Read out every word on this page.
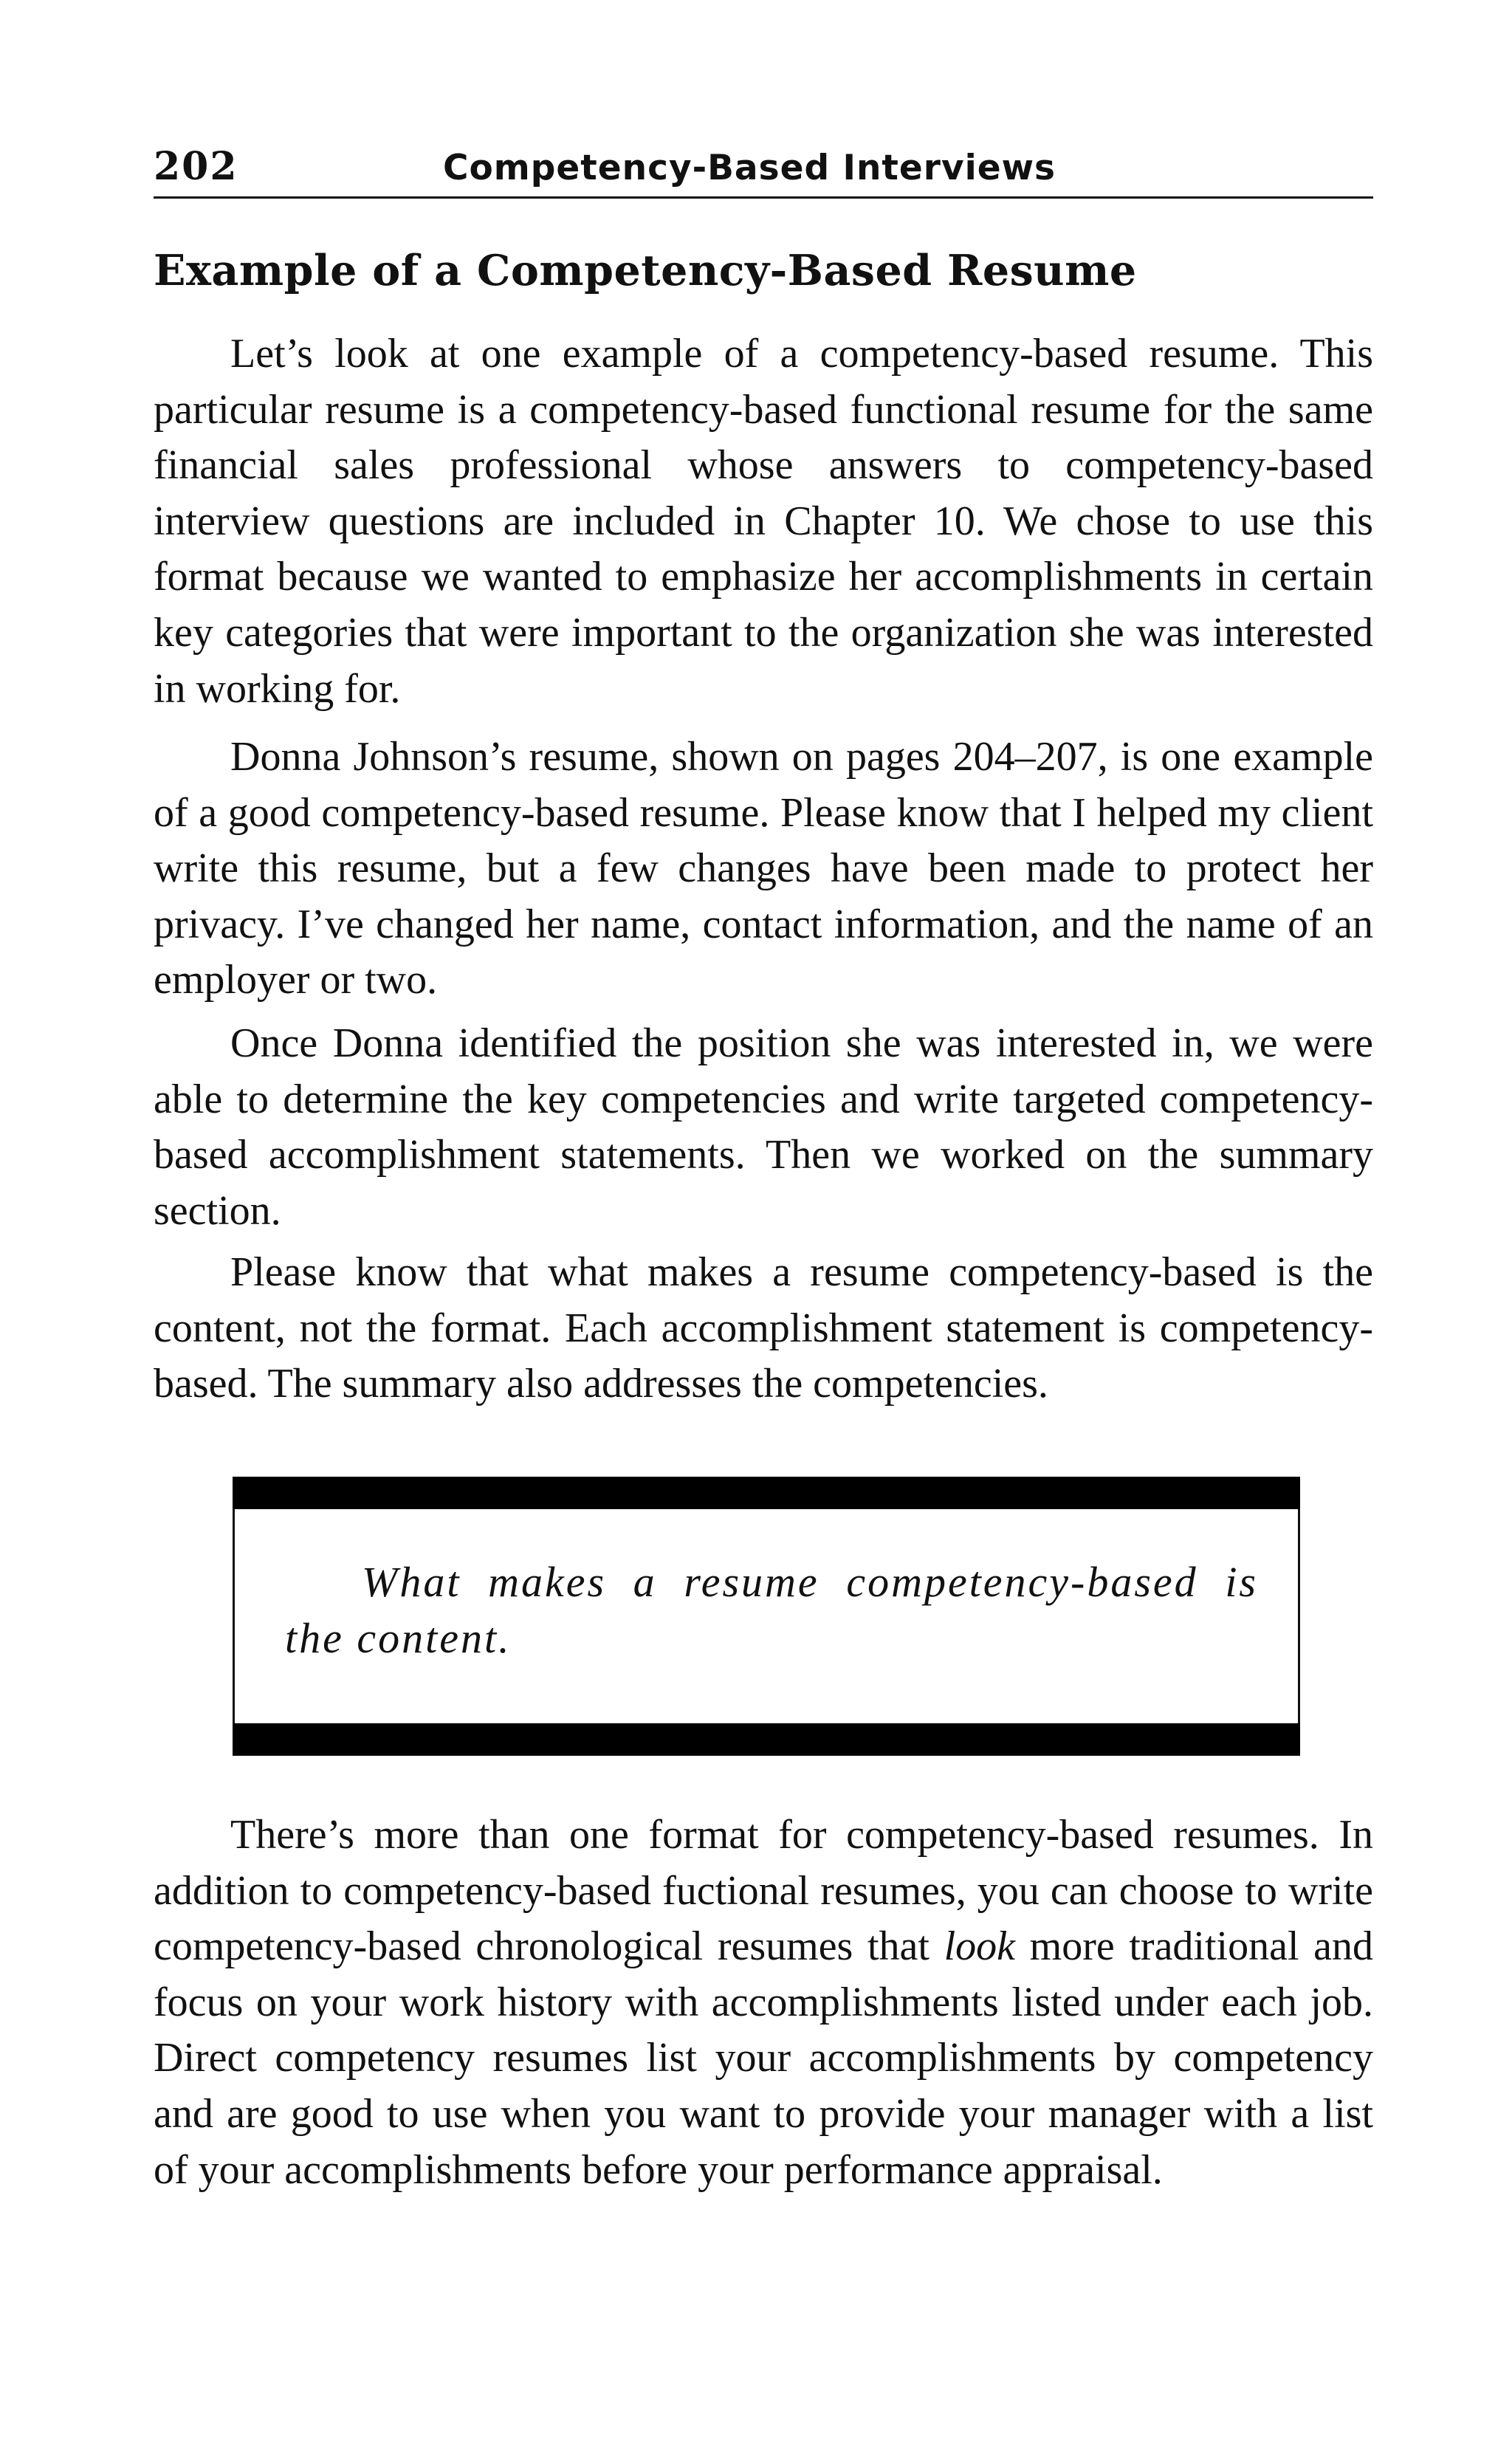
202	Competency-Based Interviews
Example of a Competency-Based Resume

Let’s look at one example of a competency-based resume. This particular resume is a competency-based functional resume for the same financial sales professional whose answers to competency-based interview questions are included in Chapter 10. We chose to use this format because we wanted to emphasize her accomplishments in certain key categories that were important to the organization she was interested in working for.

Donna Johnson’s resume, shown on pages 204–207, is one example of a good competency-based resume. Please know that I helped my client write this resume, but a few changes have been made to protect her privacy. I’ve changed her name, contact information, and the name of an employer or two.

Once Donna identified the position she was interested in, we were able to determine the key competencies and write targeted competency-based accomplishment statements. Then we worked on the summary section.

Please know that what makes a resume competency-based is the content, not the format. Each accomplishment statement is competency-based. The summary also addresses the competencies.

What makes a resume competency-based is the content.

There’s more than one format for competency-based resumes. In addition to competency-based fuctional resumes, you can choose to write competency-based chronological resumes that look more traditional and focus on your work history with accomplishments listed under each job. Direct competency resumes list your accomplishments by competency and are good to use when you want to provide your manager with a list of your accomplishments before your performance appraisal.
